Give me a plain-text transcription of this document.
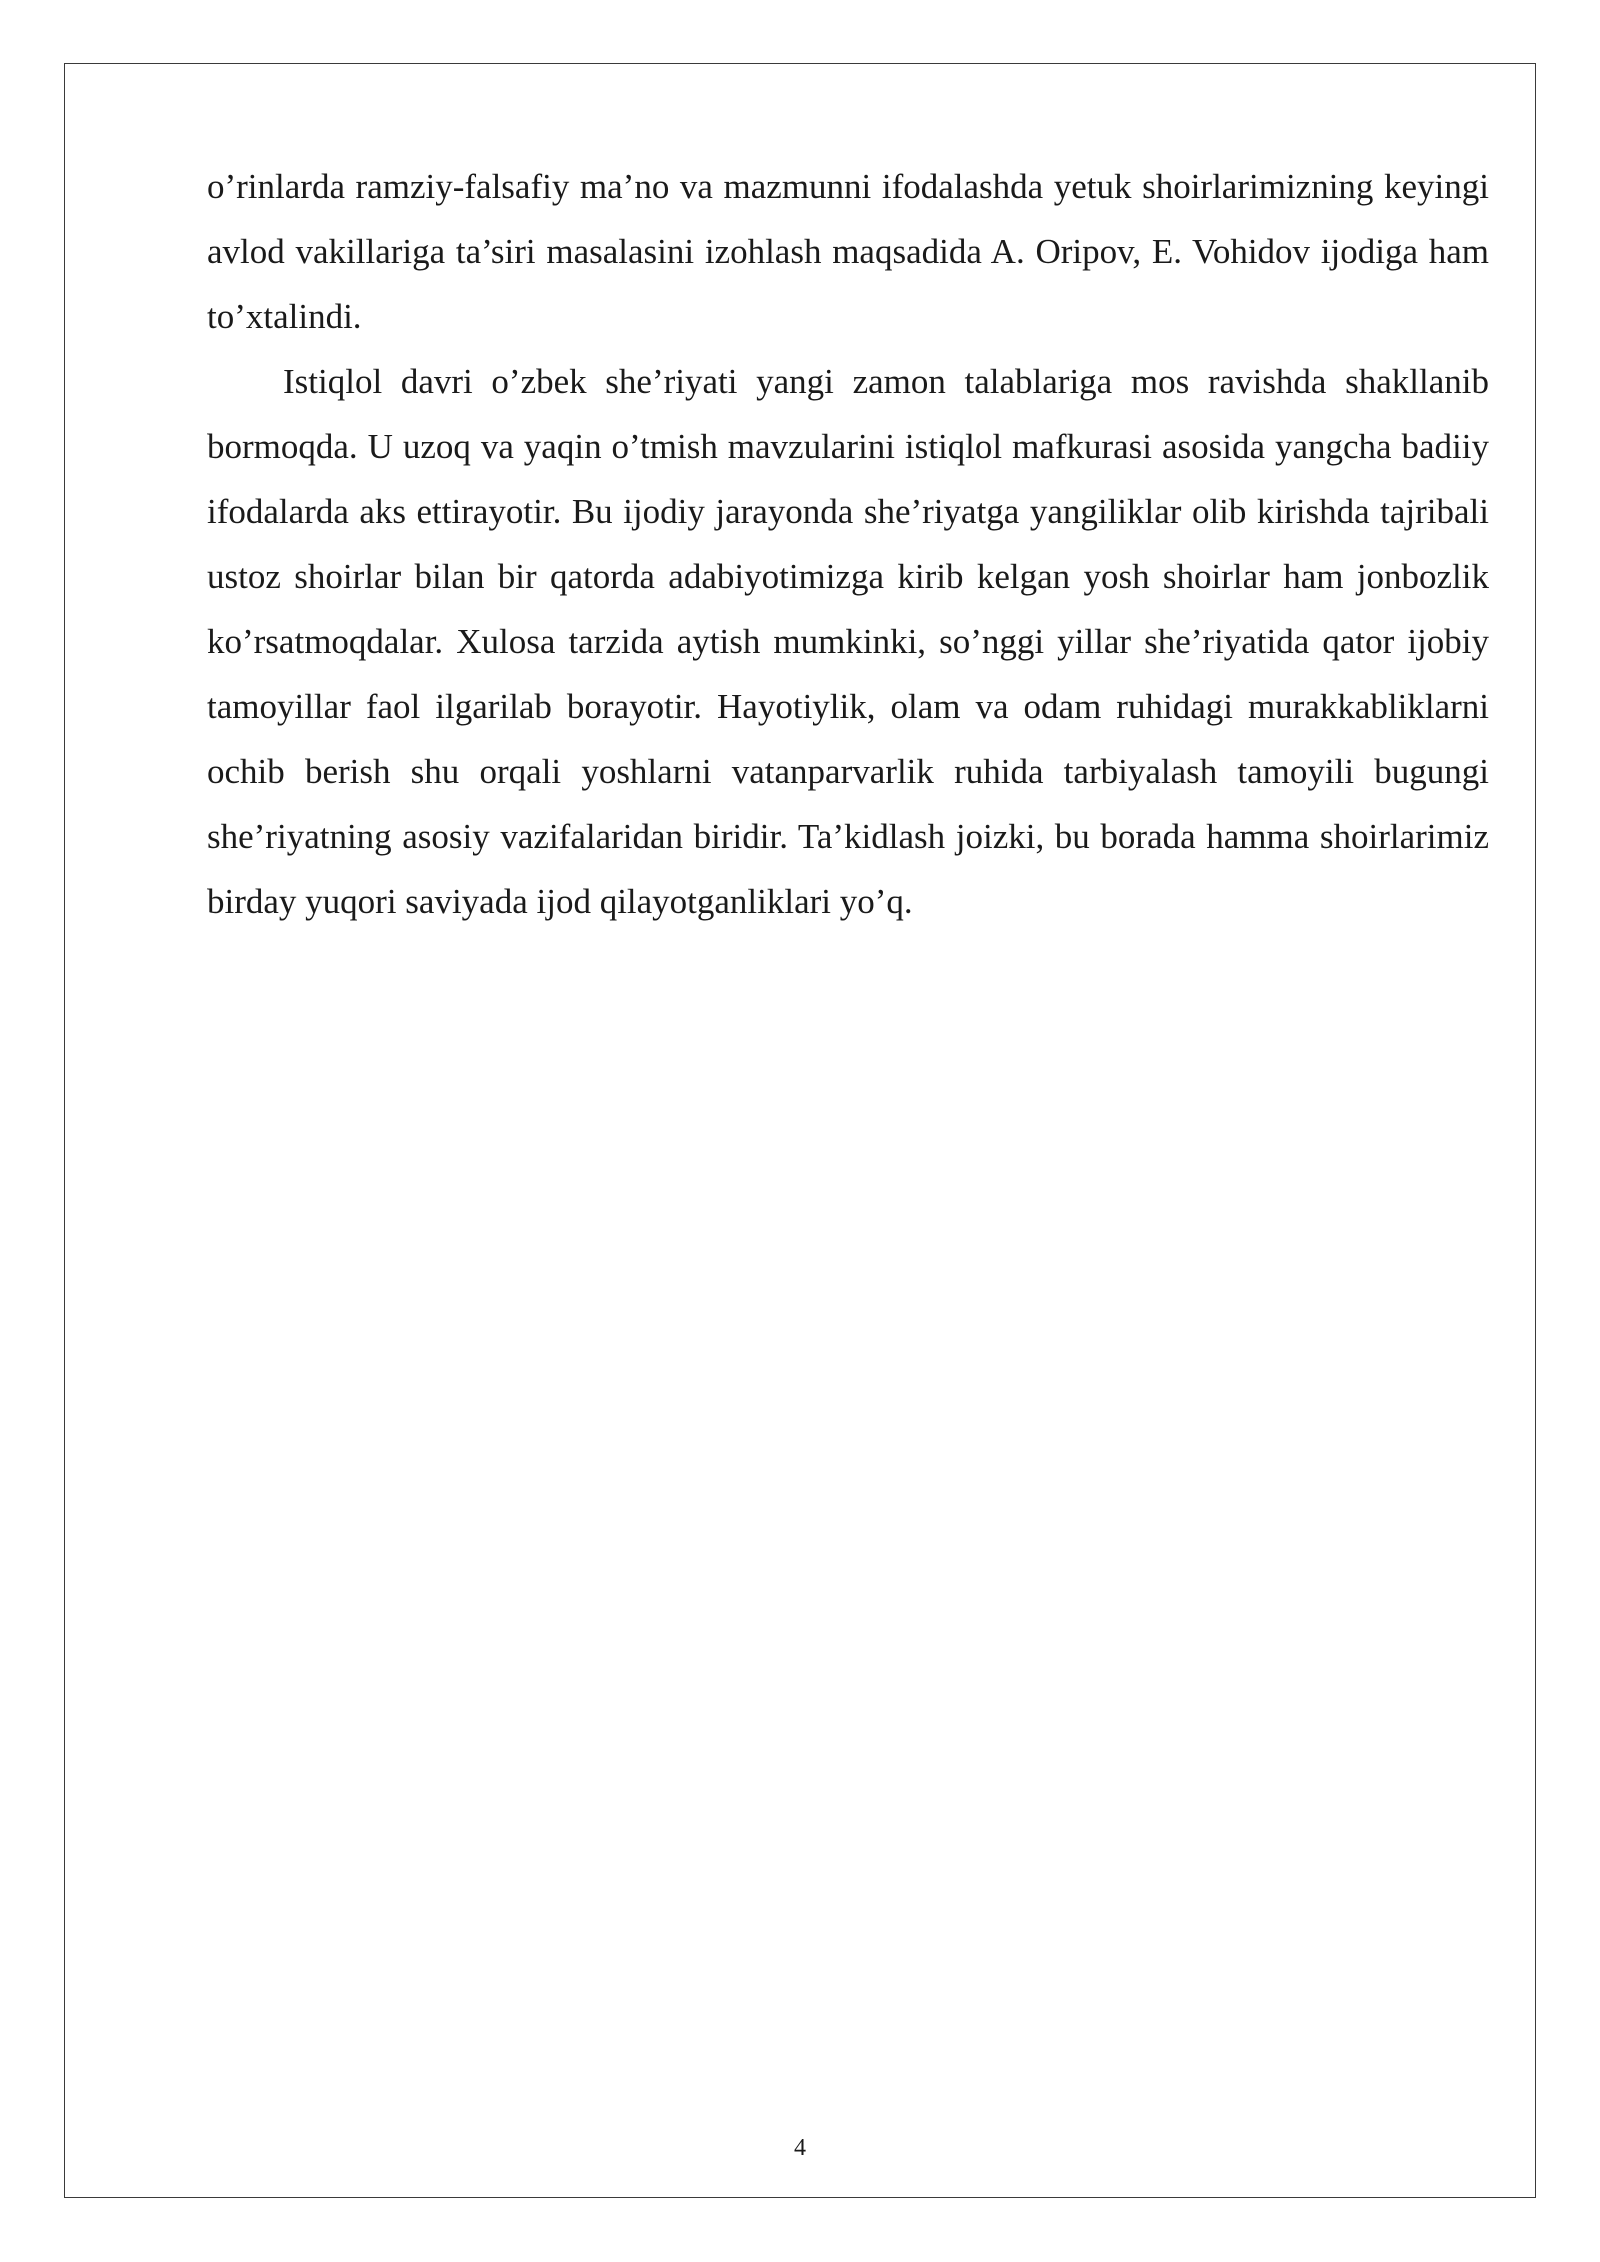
o’rinlarda ramziy-falsafiy ma’no va mazmunni ifodalashda yetuk shoirlarimizning keyingi avlod vakillariga ta’siri masalasini izohlash maqsadida A. Oripov, E. Vohidov ijodiga ham to’xtalindi.

Istiqlol davri o’zbek she’riyati yangi zamon talablariga mos ravishda shakllanib bormoqda. U uzoq va yaqin o’tmish mavzularini istiqlol mafkurasi asosida yangcha badiiy ifodalarda aks ettirayotir. Bu ijodiy jarayonda she’riyatga yangiliklar olib kirishda tajribali ustoz shoirlar bilan bir qatorda adabiyotimizga kirib kelgan yosh shoirlar ham jonbozlik ko’rsatmoqdalar. Xulosa tarzida aytish mumkinki, so’nggi yillar she’riyatida qator ijobiy tamoyillar faol ilgarilab borayotir. Hayotiylik, olam va odam ruhidagi murakkabliklarni ochib berish shu orqali yoshlarni vatanparvarlik ruhida tarbiyalash tamoyili bugungi she’riyatning asosiy vazifalaridan biridir. Ta’kidlash joizki, bu borada hamma shoirlarimiz birday yuqori saviyada ijod qilayotganliklari yo’q.

4
